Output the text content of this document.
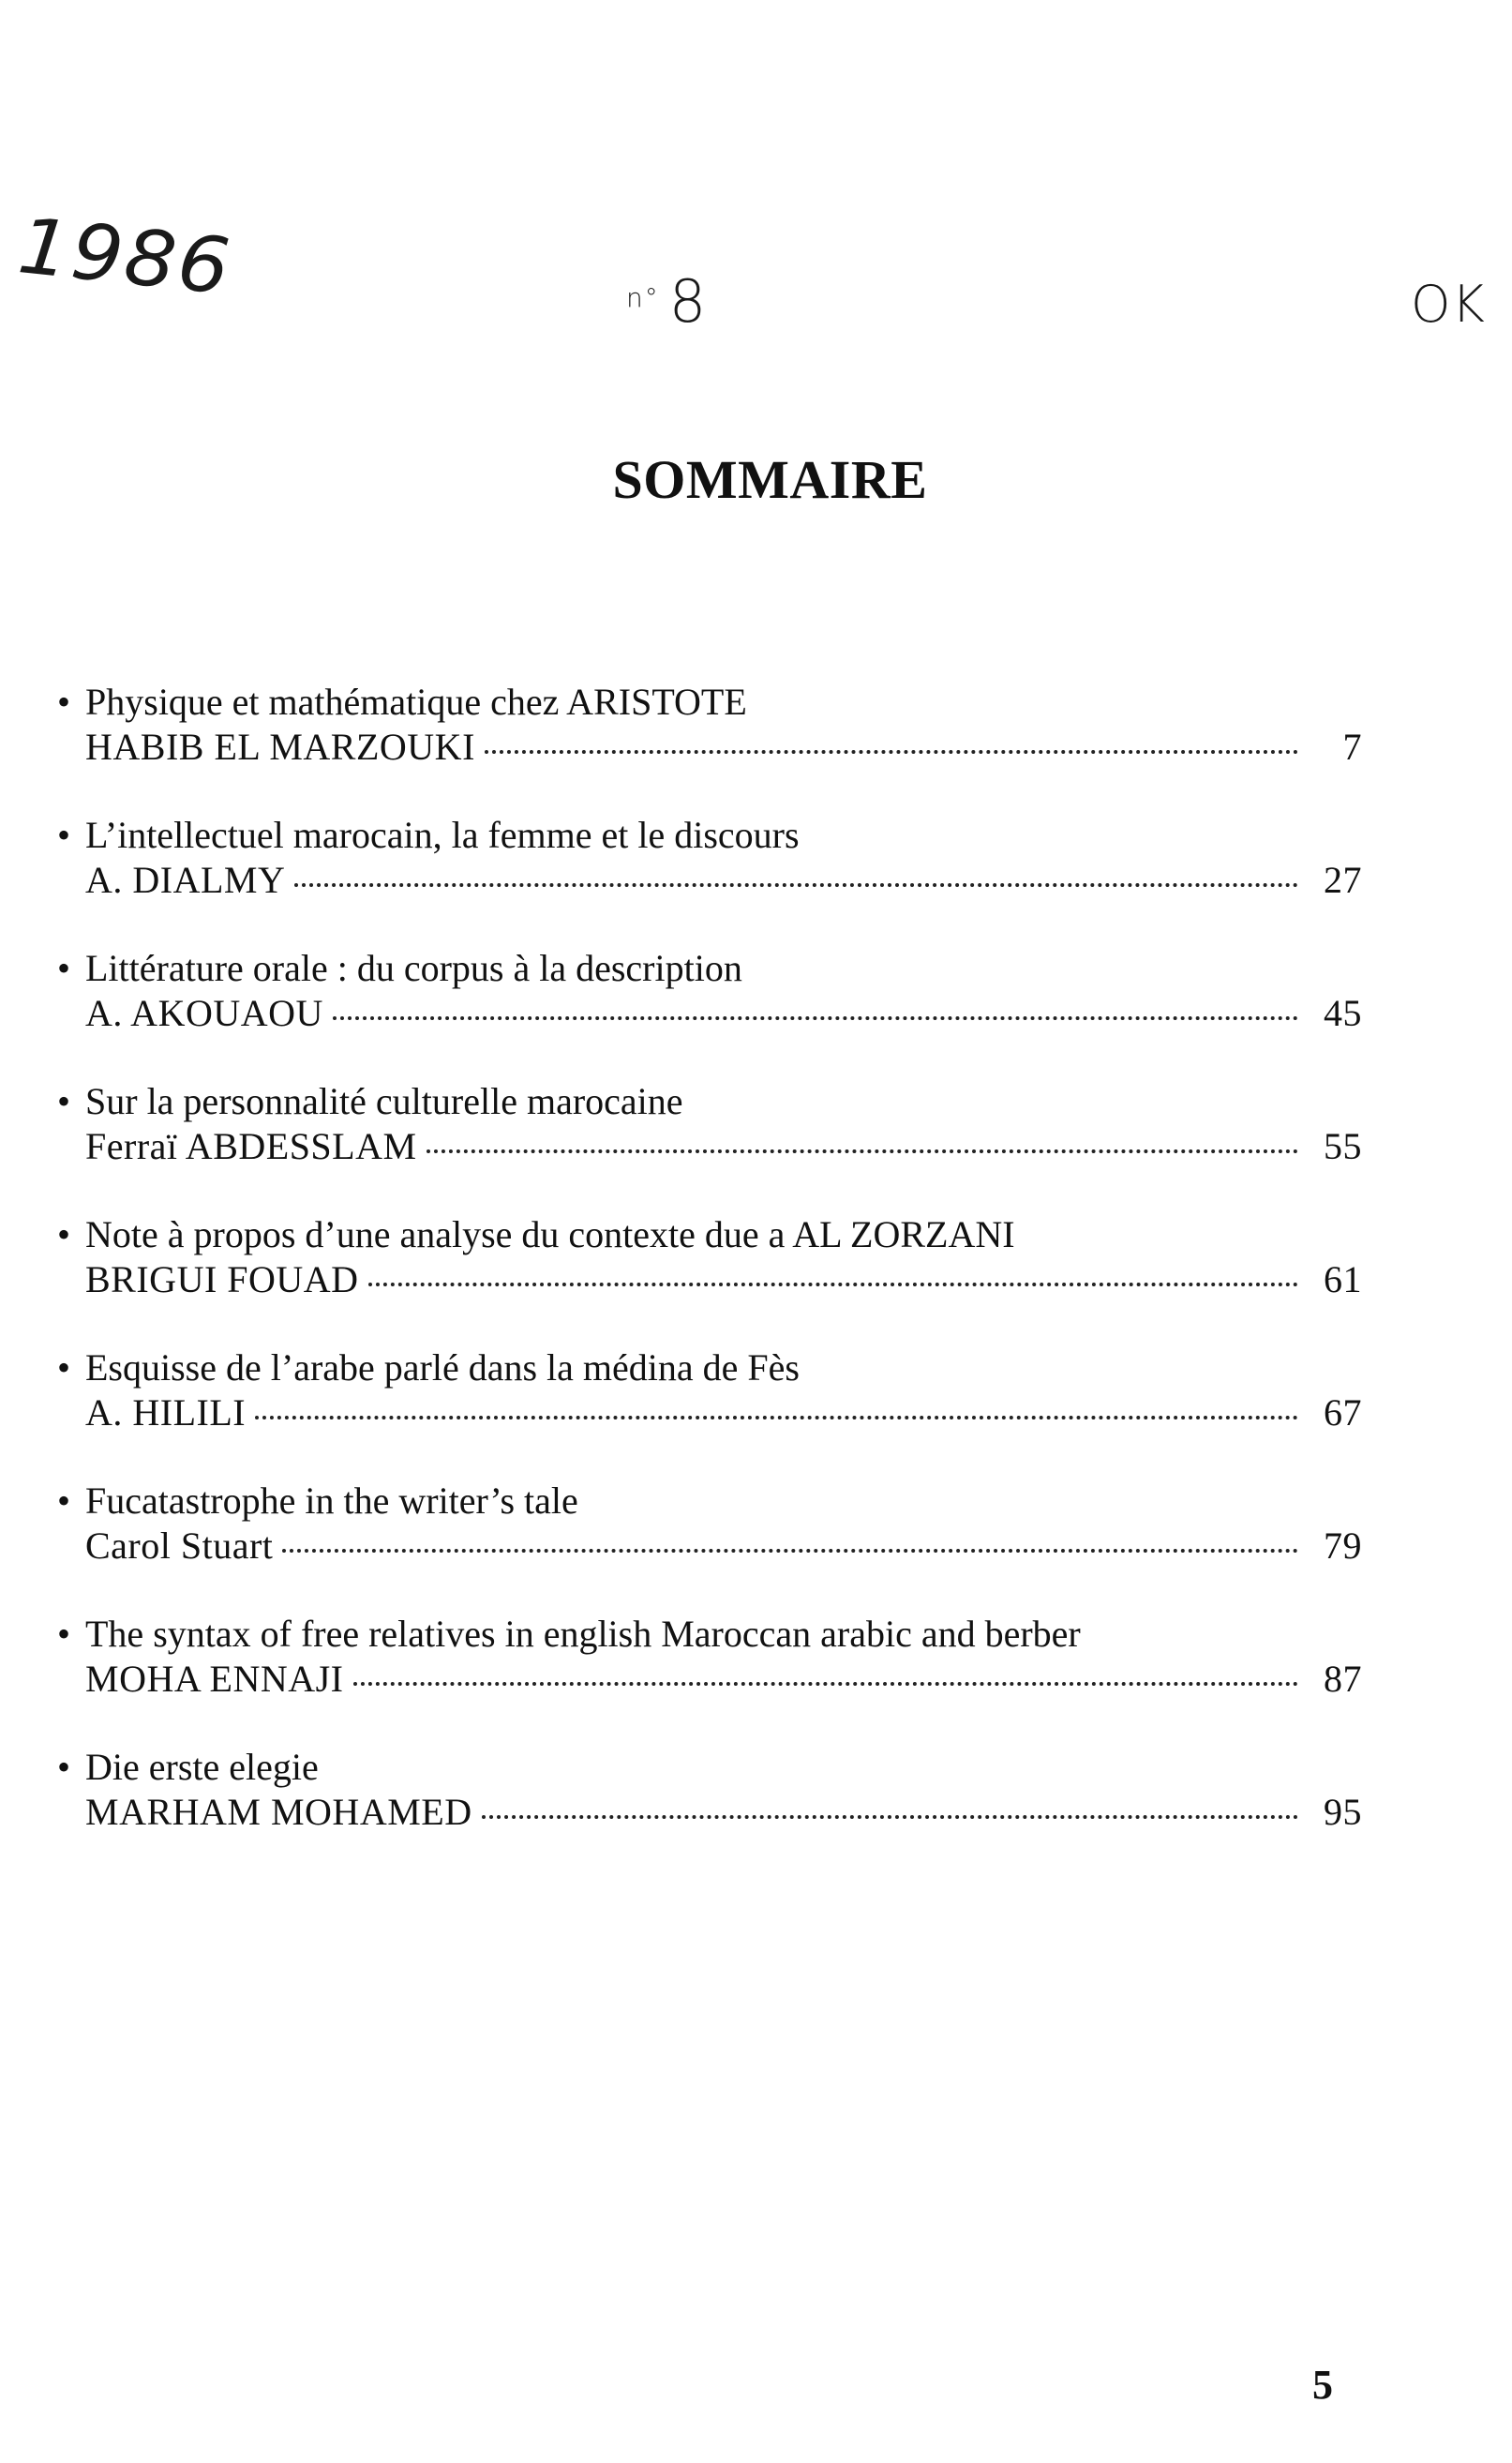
1986	$^{n^\circ}$ 8	OK
SOMMAIRE
• Physique et mathématique chez ARISTOTE
HABIB EL MARZOUKI	7
• L’intellectuel marocain, la femme et le discours
A. DIALMY	27
• Littérature orale : du corpus à la description
A. AKOUAOU	45
• Sur la personnalité culturelle marocaine
Ferraï ABDESSLAM	55
• Note à propos d’une analyse du contexte due a AL ZORZANI
BRIGUI FOUAD	61
• Esquisse de l’arabe parlé dans la médina de Fès
A. HILILI	67
• Fucatastrophe in the writer’s tale
Carol Stuart	79
• The syntax of free relatives in english Maroccan arabic and berber
MOHA ENNAJI	87
• Die erste elegie
MARHAM MOHAMED	95
5
